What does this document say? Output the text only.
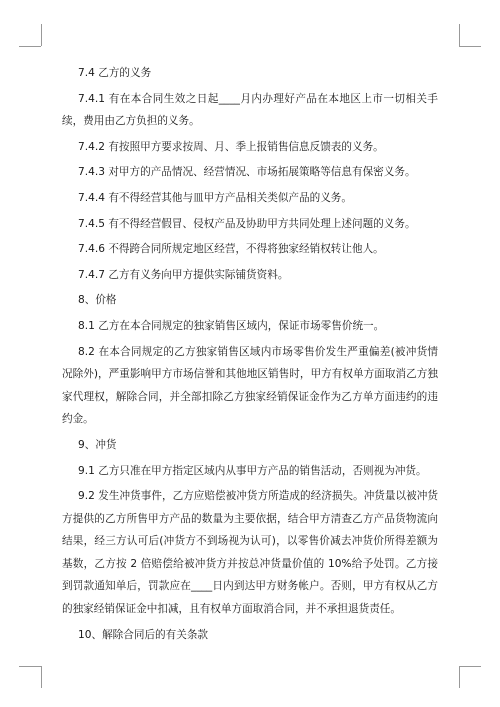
7.4 乙方的义务

7.4.1 有在本合同生效之日起____月内办理好产品在本地区上市一切相关手续，费用由乙方负担的义务。

7.4.2 有按照甲方要求按周、月、季上报销售信息反馈表的义务。

7.4.3 对甲方的产品情况、经营情况、市场拓展策略等信息有保密义务。

7.4.4 有不得经营其他与皿甲方产品相关类似产品的义务。

7.4.5 有不得经营假冒、侵权产品及协助甲方共同处理上述问题的义务。

7.4.6 不得跨合同所规定地区经营，不得将独家经销权转让他人。

7.4.7 乙方有义务向甲方提供实际铺货资料。

8、价格

8.1 乙方在本合同规定的独家销售区域内，保证市场零售价统一。

8.2 在本合同规定的乙方独家销售区域内市场零售价发生严重偏差(被冲货情况除外)，严重影响甲方市场信誉和其他地区销售时，甲方有权单方面取消乙方独家代理权，解除合同，并全部扣除乙方独家经销保证金作为乙方单方面违约的违约金。

9、冲货

9.1 乙方只准在甲方指定区域内从事甲方产品的销售活动，否则视为冲货。

9.2 发生冲货事件，乙方应赔偿被冲货方所造成的经济损失。冲货量以被冲货方提供的乙方所售甲方产品的数量为主要依据，结合甲方清查乙方产品货物流向结果，经三方认可后(冲货方不到场视为认可)，以零售价减去冲货价所得差额为基数，乙方按 2 倍赔偿给被冲货方并按总冲货量价值的 10%给予处罚。乙方接到罚款通知单后，罚款应在____日内到达甲方财务帐户。否则，甲方有权从乙方的独家经销保证金中扣减，且有权单方面取消合同，并不承担退货责任。

10、解除合同后的有关条款
